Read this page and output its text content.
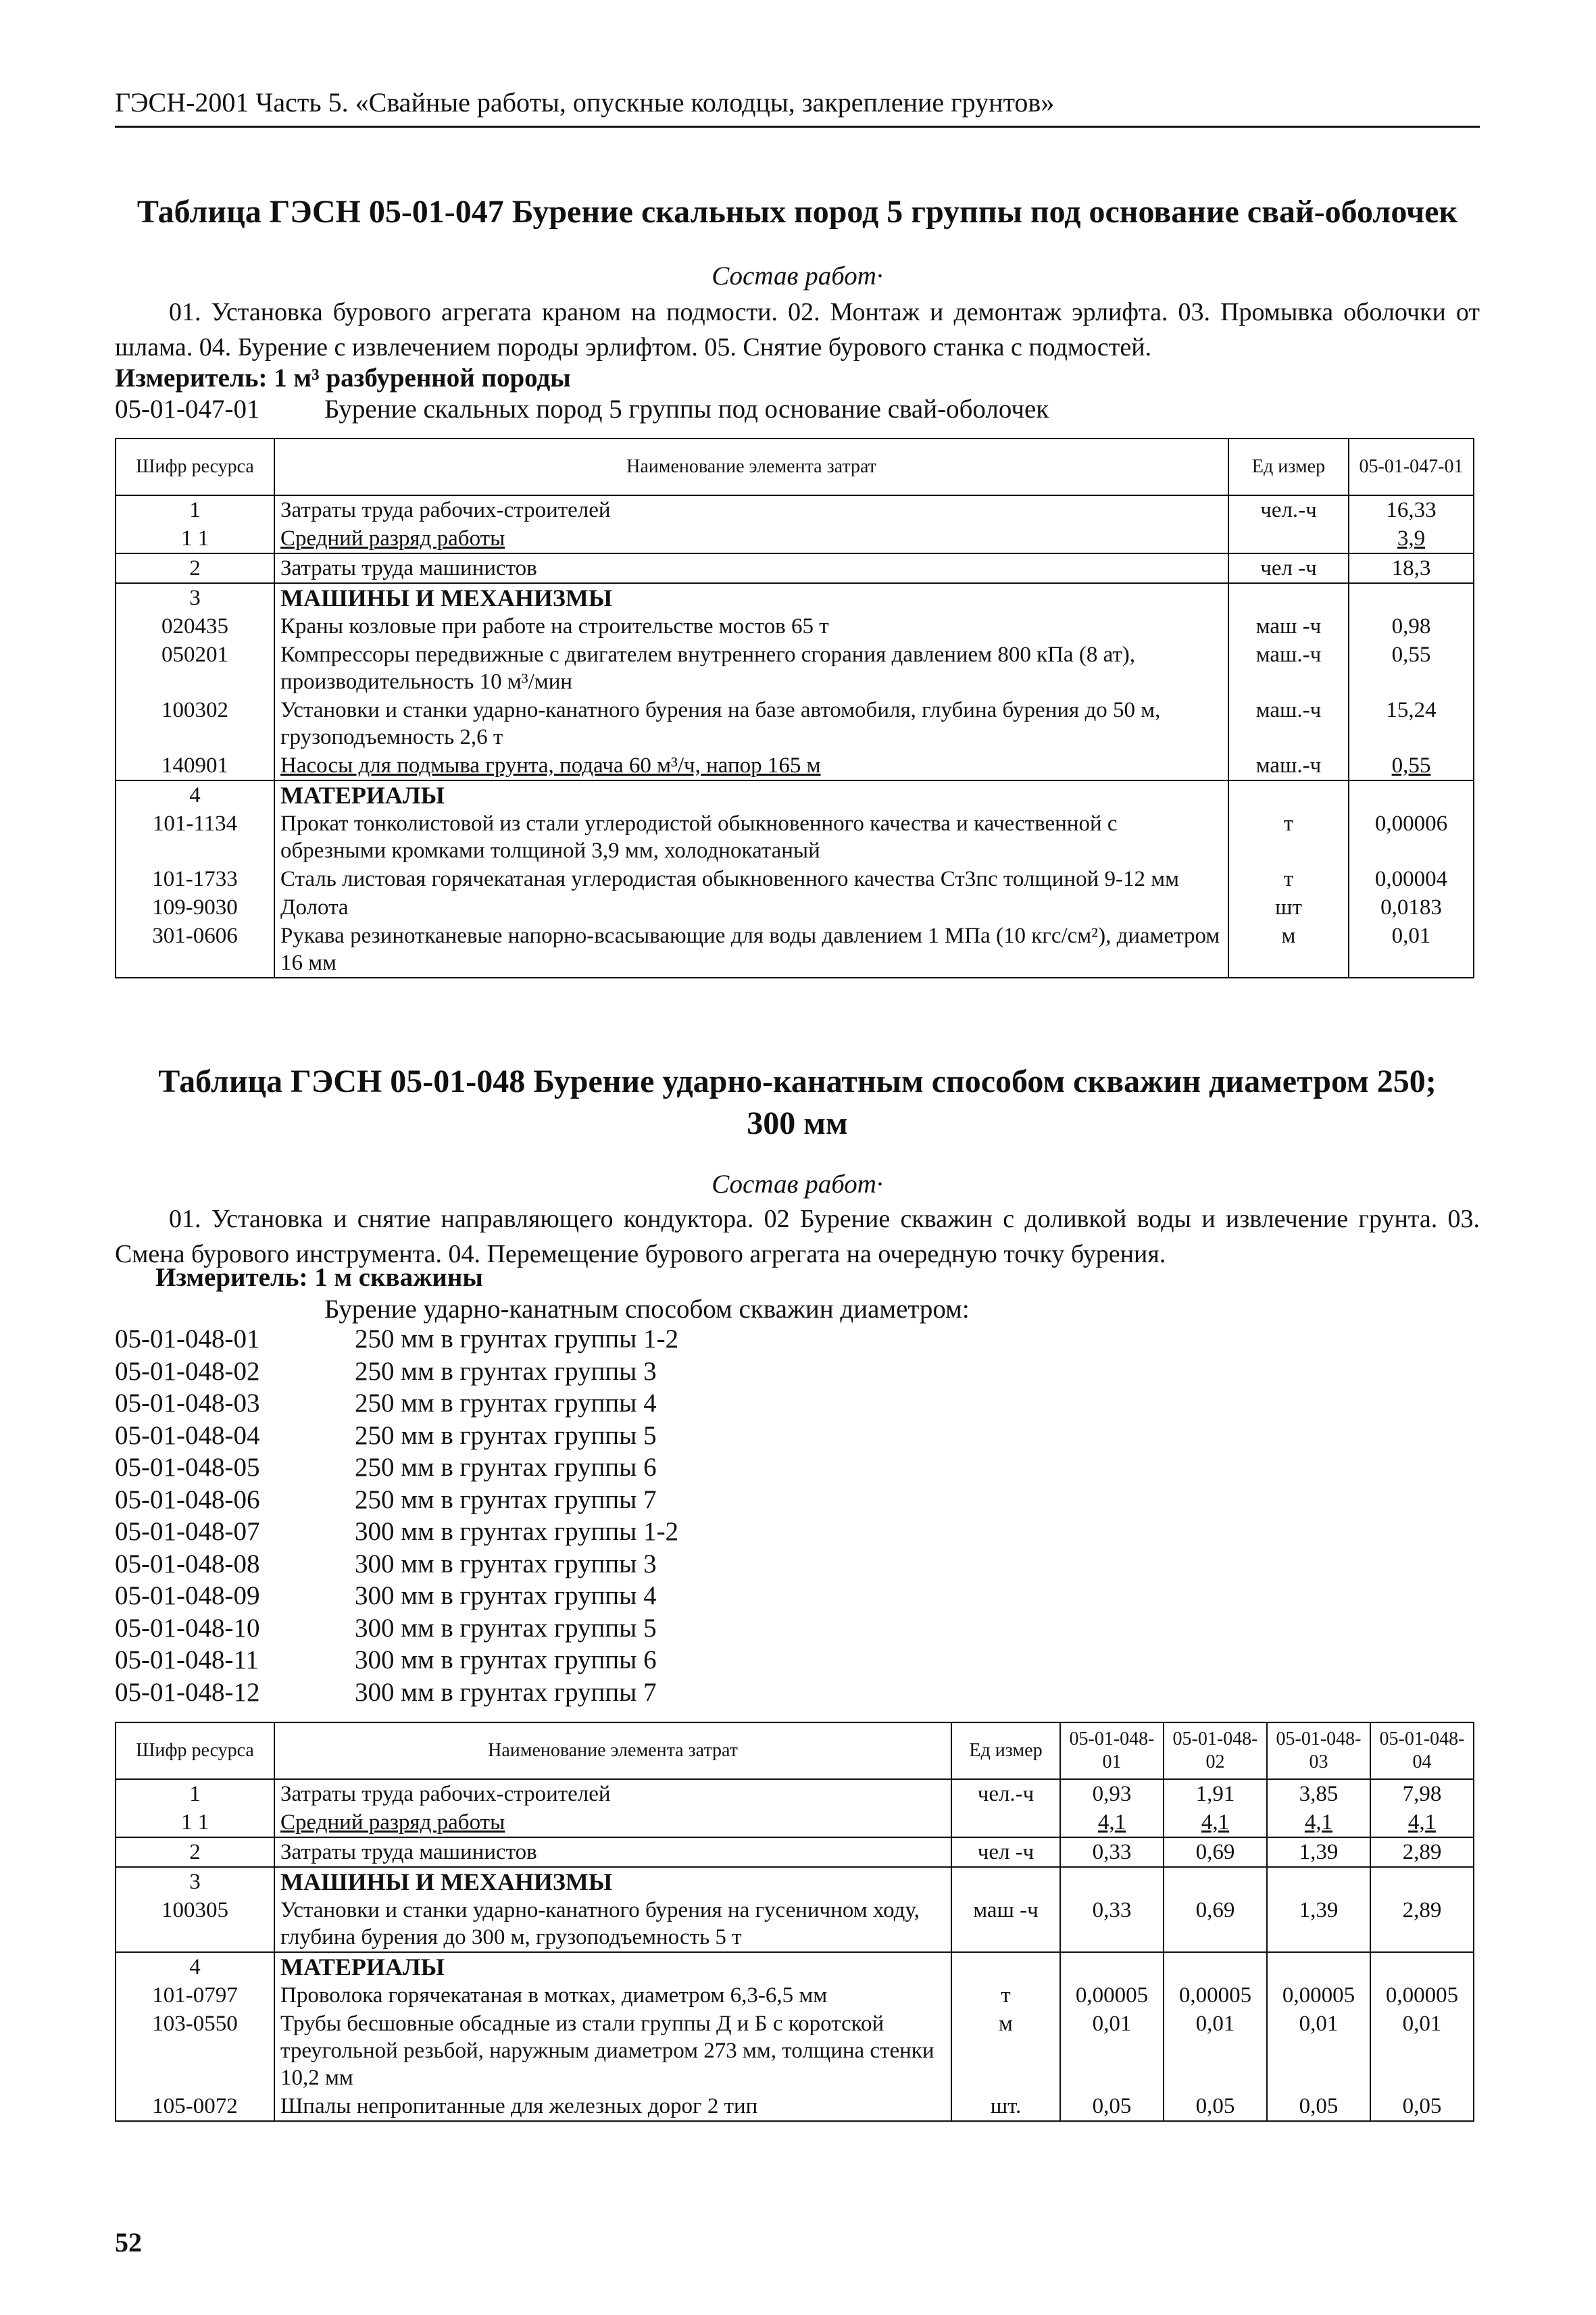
ГЭСН-2001 Часть 5. «Свайные работы, опускные колодцы, закрепление грунтов»
Таблица ГЭСН 05-01-047 Бурение скальных пород 5 группы под основание свай-оболочек
Состав работ·

01. Установка бурового агрегата краном на подмости. 02. Монтаж и демонтаж эрлифта. 03. Промывка оболочки от шлама. 04. Бурение с извлечением породы эрлифтом. 05. Снятие бурового станка с подмостей.

Измеритель: 1 м³ разбуренной породы
05-01-047-01 Бурение скальных пород 5 группы под основание свай-оболочек
Шифр ресурса	Наименование элемента затрат	Ед измер	05-01-047-01
1	Затраты труда рабочих-строителей	чел.-ч	16,33
1 1	Средний разряд работы		3,9
2	Затраты труда машинистов	чел -ч	18,3
3	МАШИНЫ И МЕХАНИЗМЫ		
020435	Краны козловые при работе на строительстве мостов 65 т	маш -ч	0,98
050201	Компрессоры передвижные с двигателем внутреннего сгорания давлением 800 кПа (8 ат), производительность 10 м³/мин	маш.-ч	0,55
100302	Установки и станки ударно-канатного бурения на базе автомобиля, глубина бурения до 50 м, грузоподъемность 2,6 т	маш.-ч	15,24
140901	Насосы для подмыва грунта, подача 60 м³/ч, напор 165 м	маш.-ч	0,55
4	МАТЕРИАЛЫ		
101-1134	Прокат тонколистовой из стали углеродистой обыкновенного качества и качественной с обрезными кромками толщиной 3,9 мм, холоднокатаный	т	0,00006
101-1733	Сталь листовая горячекатаная углеродистая обыкновенного качества Ст3пс толщиной 9-12 мм	т	0,00004
109-9030	Долота	шт	0,0183
301-0606	Рукава резинотканевые напорно-всасывающие для воды давлением 1 МПа (10 кгс/см²), диаметром 16 мм	м	0,01
Таблица ГЭСН 05-01-048 Бурение ударно-канатным способом скважин диаметром 250;
300 мм
Состав работ·

01. Установка и снятие направляющего кондуктора. 02 Бурение скважин с доливкой воды и извлечение грунта. 03. Смена бурового инструмента. 04. Перемещение бурового агрегата на очередную точку бурения.

Измеритель: 1 м скважины
Бурение ударно-канатным способом скважин диаметром:
05-01-048-01	250 мм в грунтах группы 1-2
05-01-048-02	250 мм в грунтах группы 3
05-01-048-03	250 мм в грунтах группы 4
05-01-048-04	250 мм в грунтах группы 5
05-01-048-05	250 мм в грунтах группы 6
05-01-048-06	250 мм в грунтах группы 7
05-01-048-07	300 мм в грунтах группы 1-2
05-01-048-08	300 мм в грунтах группы 3
05-01-048-09	300 мм в грунтах группы 4
05-01-048-10	300 мм в грунтах группы 5
05-01-048-11	300 мм в грунтах группы 6
05-01-048-12	300 мм в грунтах группы 7
Шифр ресурса	Наименование элемента затрат	Ед измер	05-01-048-01	05-01-048-02	05-01-048-03	05-01-048-04
1	Затраты труда рабочих-строителей	чел.-ч	0,93	1,91	3,85	7,98
1 1	Средний разряд работы		4,1	4,1	4,1	4,1
2	Затраты труда машинистов	чел -ч	0,33	0,69	1,39	2,89
3	МАШИНЫ И МЕХАНИЗМЫ					
100305	Установки и станки ударно-канатного бурения на гусеничном ходу, глубина бурения до 300 м, грузоподъемность 5 т	маш -ч	0,33	0,69	1,39	2,89
4	МАТЕРИАЛЫ					
101-0797	Проволока горячекатаная в мотках, диаметром 6,3-6,5 мм	т	0,00005	0,00005	0,00005	0,00005
103-0550	Трубы бесшовные обсадные из стали группы Д и Б с коротской треугольной резьбой, наружным диаметром 273 мм, толщина стенки 10,2 мм	м	0,01	0,01	0,01	0,01
105-0072	Шпалы непропитанные для железных дорог 2 тип	шт.	0,05	0,05	0,05	0,05
52
